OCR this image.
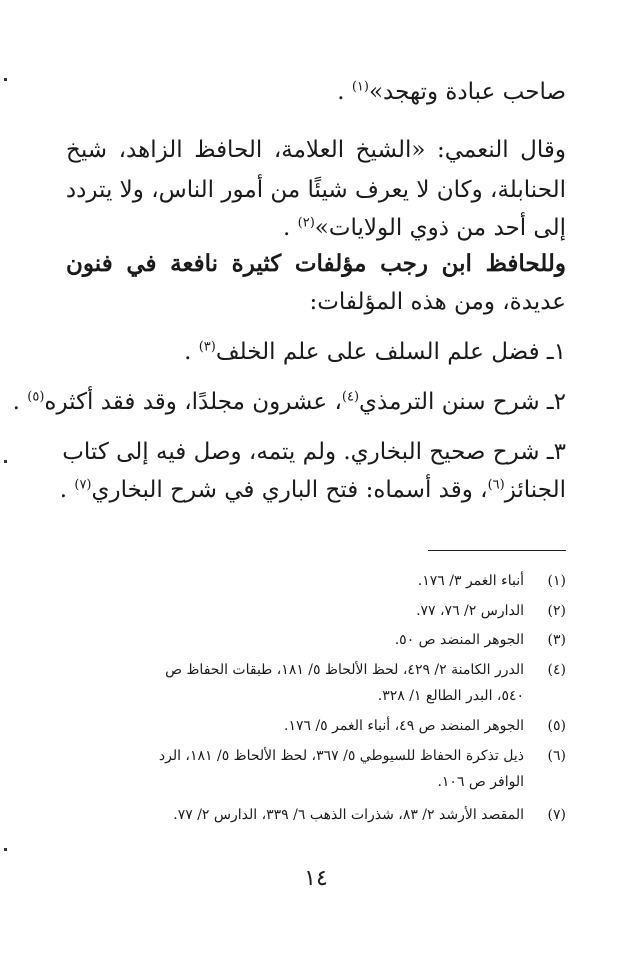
صاحب عبادة وتهجد»$^{(١)}$ .
وقال النعمي: «الشيخ العلامة، الحافظ الزاهد، شيخ
الحنابلة، وكان لا يعرف شيئًا من أمور الناس، ولا يتردد
إلى أحد من ذوي الولايات»$^{(٢)}$ .
وللحافظ ابن رجب مؤلفات كثيرة نافعة في فنون
عديدة، ومن هذه المؤلفات:
١ـ فضل علم السلف على علم الخلف$^{(٣)}$ .
٢ـ شرح سنن الترمذي$^{(٤)}$، عشرون مجلدًا، وقد فقد أكثره$^{(٥)}$ .
٣ـ شرح صحيح البخاري. ولم يتمه، وصل فيه إلى كتاب
الجنائز$^{(٦)}$، وقد أسماه: فتح الباري في شرح البخاري$^{(٧)}$ .
(١)
أنباء الغمر ٣/ ١٧٦.
(٢)
الدارس ٢/ ٧٦، ٧٧.
(٣)
الجوهر المنضد ص ٥٠.
(٤)
الدرر الكامنة ٢/ ٤٢٩، لحظ الألحاظ ٥/ ١٨١، طبقات الحفاظ ص
٥٤٠، البدر الطالع ١/ ٣٢٨.
(٥)
الجوهر المنضد ص ٤٩، أنباء الغمر ٥/ ١٧٦.
(٦)
ذيل تذكرة الحفاظ للسيوطي ٥/ ٣٦٧، لحظ الألحاظ ٥/ ١٨١، الرد
الوافر ص ١٠٦.
(٧)
المقصد الأرشد ٢/ ٨٣، شذرات الذهب ٦/ ٣٣٩، الدارس ٢/ ٧٧.
١٤
